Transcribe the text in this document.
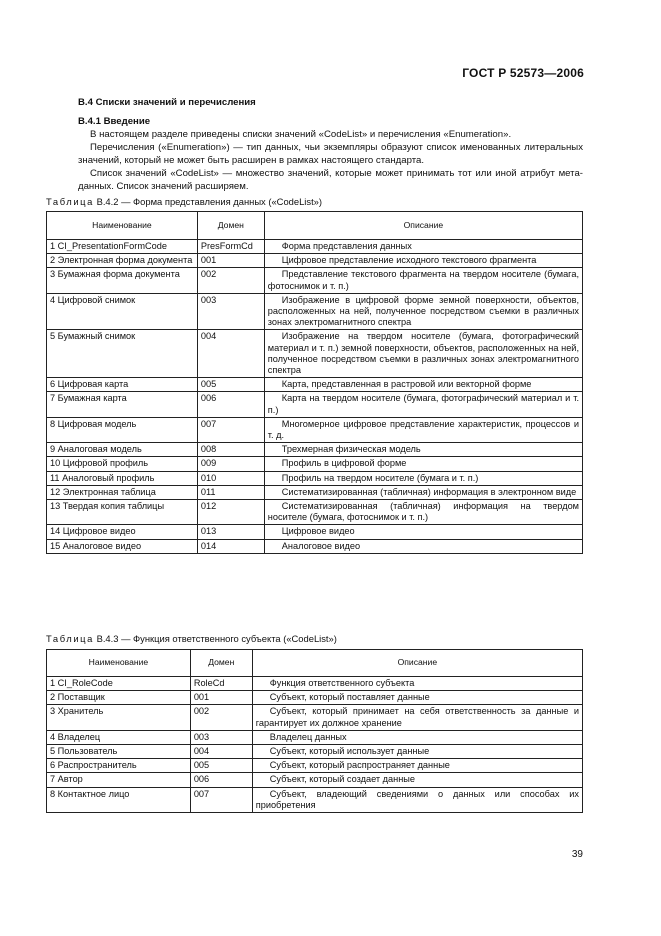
ГОСТ Р 52573—2006
В.4 Списки значений и перечисления
В.4.1 Введение

В настоящем разделе приведены списки значений «CodeList» и перечисления «Enumeration».

Перечисления («Enumeration») — тип данных, чьи экземпляры образуют список именованных литеральных значений, который не может быть расширен в рамках настоящего стандарта.

Список значений «CodeList» — множество значений, которые может принимать тот или иной атрибут мета-данных. Список значений расширяем.

Таблица В.4.2 — Форма представления данных («CodeList»)
Наименование	Домен	Описание
1 CI_PresentationFormCode	PresFormCd	Форма представления данных
2 Электронная форма документа	001	Цифровое представление исходного текстового фрагмента
3 Бумажная форма документа	002	Представление текстового фрагмента на твердом носителе (бумага, фотоснимок и т. п.)
4 Цифровой снимок	003	Изображение в цифровой форме земной поверхности, объектов, расположенных на ней, полученное посредством съемки в различных зонах электромагнитного спектра
5 Бумажный снимок	004	Изображение на твердом носителе (бумага, фотографический материал и т. п.) земной поверхности, объектов, расположенных на ней, полученное посредством съемки в различных зонах электромагнитного спектра
6 Цифровая карта	005	Карта, представленная в растровой или векторной форме
7 Бумажная карта	006	Карта на твердом носителе (бумага, фотографический материал и т. п.)
8 Цифровая модель	007	Многомерное цифровое представление характеристик, процессов и т. д.
9 Аналоговая модель	008	Трехмерная физическая модель
10 Цифровой профиль	009	Профиль в цифровой форме
11 Аналоговый профиль	010	Профиль на твердом носителе (бумага и т. п.)
12 Электронная таблица	011	Систематизированная (табличная) информация в электронном виде
13 Твердая копия таблицы	012	Систематизированная (табличная) информация на твердом носителе (бумага, фотоснимок и т. п.)
14 Цифровое видео	013	Цифровое видео
15 Аналоговое видео	014	Аналоговое видео
Таблица В.4.3 — Функция ответственного субъекта («CodeList»)
Наименование	Домен	Описание
1 CI_RoleCode	RoleCd	Функция ответственного субъекта
2 Поставщик	001	Субъект, который поставляет данные
3 Хранитель	002	Субъект, который принимает на себя ответственность за данные и гарантирует их должное хранение
4 Владелец	003	Владелец данных
5 Пользователь	004	Субъект, который использует данные
6 Распространитель	005	Субъект, который распространяет данные
7 Автор	006	Субъект, который создает данные
8 Контактное лицо	007	Субъект, владеющий сведениями о данных или способах их приобретения
39
